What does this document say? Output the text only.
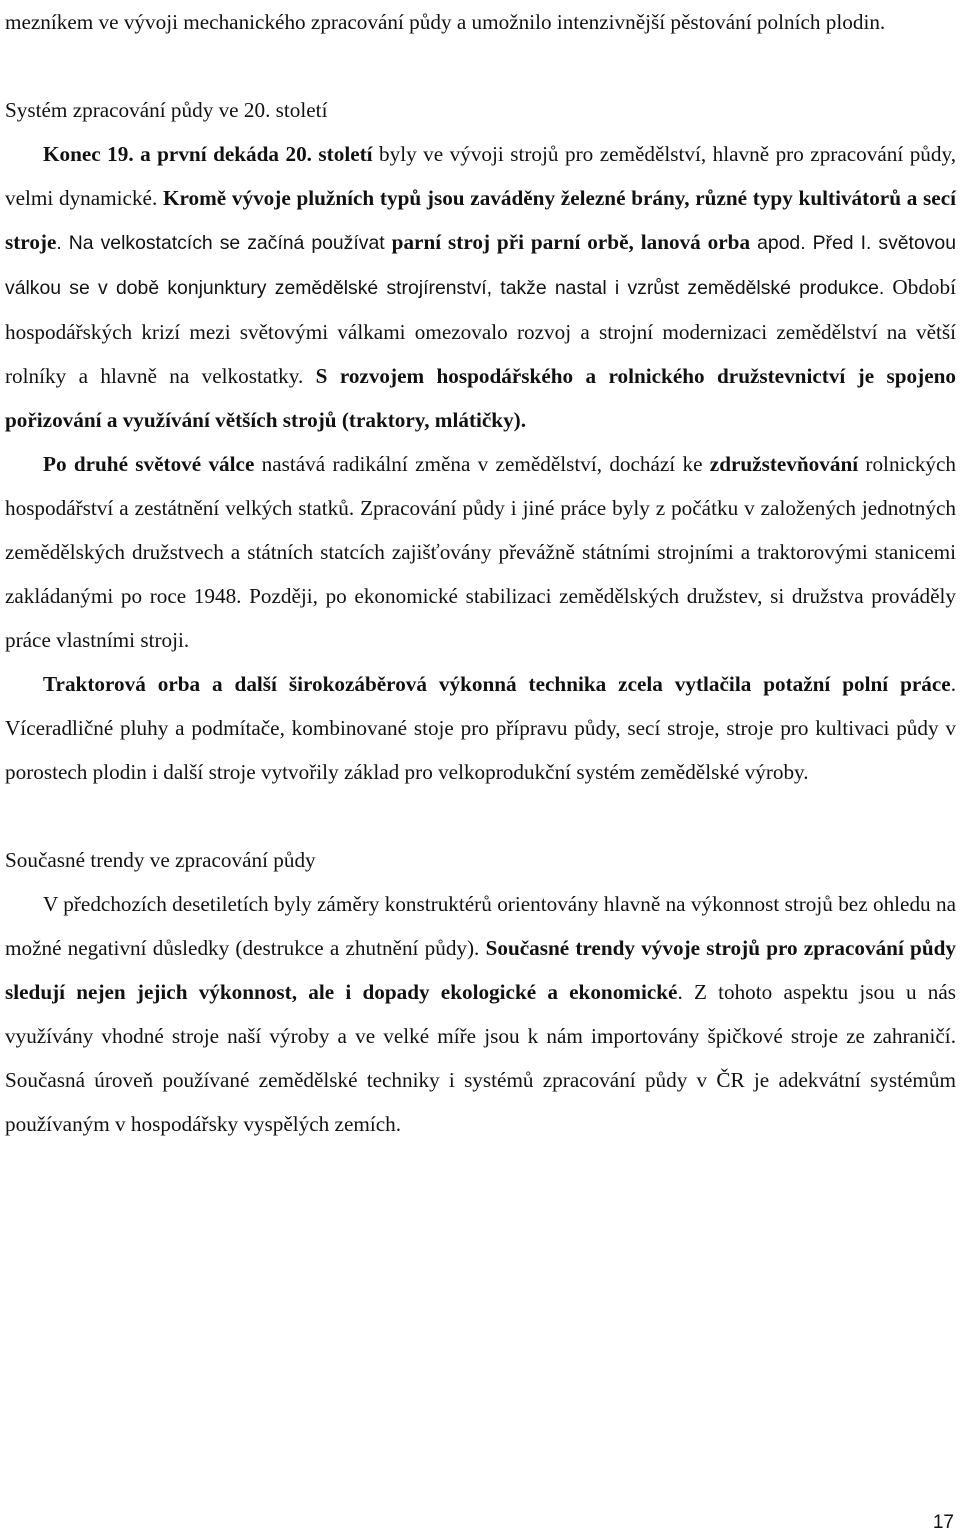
mezníkem ve vývoji mechanického zpracování půdy a umožnilo intenzivnější pěstování polních plodin.

Systém zpracování půdy ve 20. století

Konec 19. a první dekáda 20. století byly ve vývoji strojů pro zemědělství, hlavně pro zpracování půdy, velmi dynamické. Kromě vývoje plužních typů jsou zaváděny železné brány, různé typy kultivátorů a secí stroje. Na velkostatcích se začíná používat parní stroj při parní orbě, lanová orba apod. Před I. světovou válkou se v době konjunktury zemědělské strojírenství, takže nastal i vzrůst zemědělské produkce. Období hospodářských krizí mezi světovými válkami omezovalo rozvoj a strojní modernizaci zemědělství na větší rolníky a hlavně na velkostatky. S rozvojem hospodářského a rolnického družstevnictví je spojeno pořizování a využívání větších strojů (traktory, mlátičky).

Po druhé světové válce nastává radikální změna v zemědělství, dochází ke združstevňování rolnických hospodářství a zestátnění velkých statků. Zpracování půdy i jiné práce byly z počátku v založených jednotných zemědělských družstvech a státních statcích zajišťovány převážně státními strojními a traktorovými stanicemi zakládanými po roce 1948. Později, po ekonomické stabilizaci zemědělských družstev, si družstva prováděly práce vlastními stroji.

Traktorová orba a další širokozáběrová výkonná technika zcela vytlačila potažní polní práce. Víceradličné pluhy a podmítače, kombinované stoje pro přípravu půdy, secí stroje, stroje pro kultivaci půdy v porostech plodin i další stroje vytvořily základ pro velkoprodukční systém zemědělské výroby.

Současné trendy ve zpracování půdy

V předchozích desetiletích byly záměry konstruktérů orientovány hlavně na výkonnost strojů bez ohledu na možné negativní důsledky (destrukce a zhutnění půdy). Současné trendy vývoje strojů pro zpracování půdy sledují nejen jejich výkonnost, ale i dopady ekologické a ekonomické. Z tohoto aspektu jsou u nás využívány vhodné stroje naší výroby a ve velké míře jsou k nám importovány špičkové stroje ze zahraničí. Současná úroveň používané zemědělské techniky i systémů zpracování půdy v ČR je adekvátní systémům používaným v hospodářsky vyspělých zemích.

17
